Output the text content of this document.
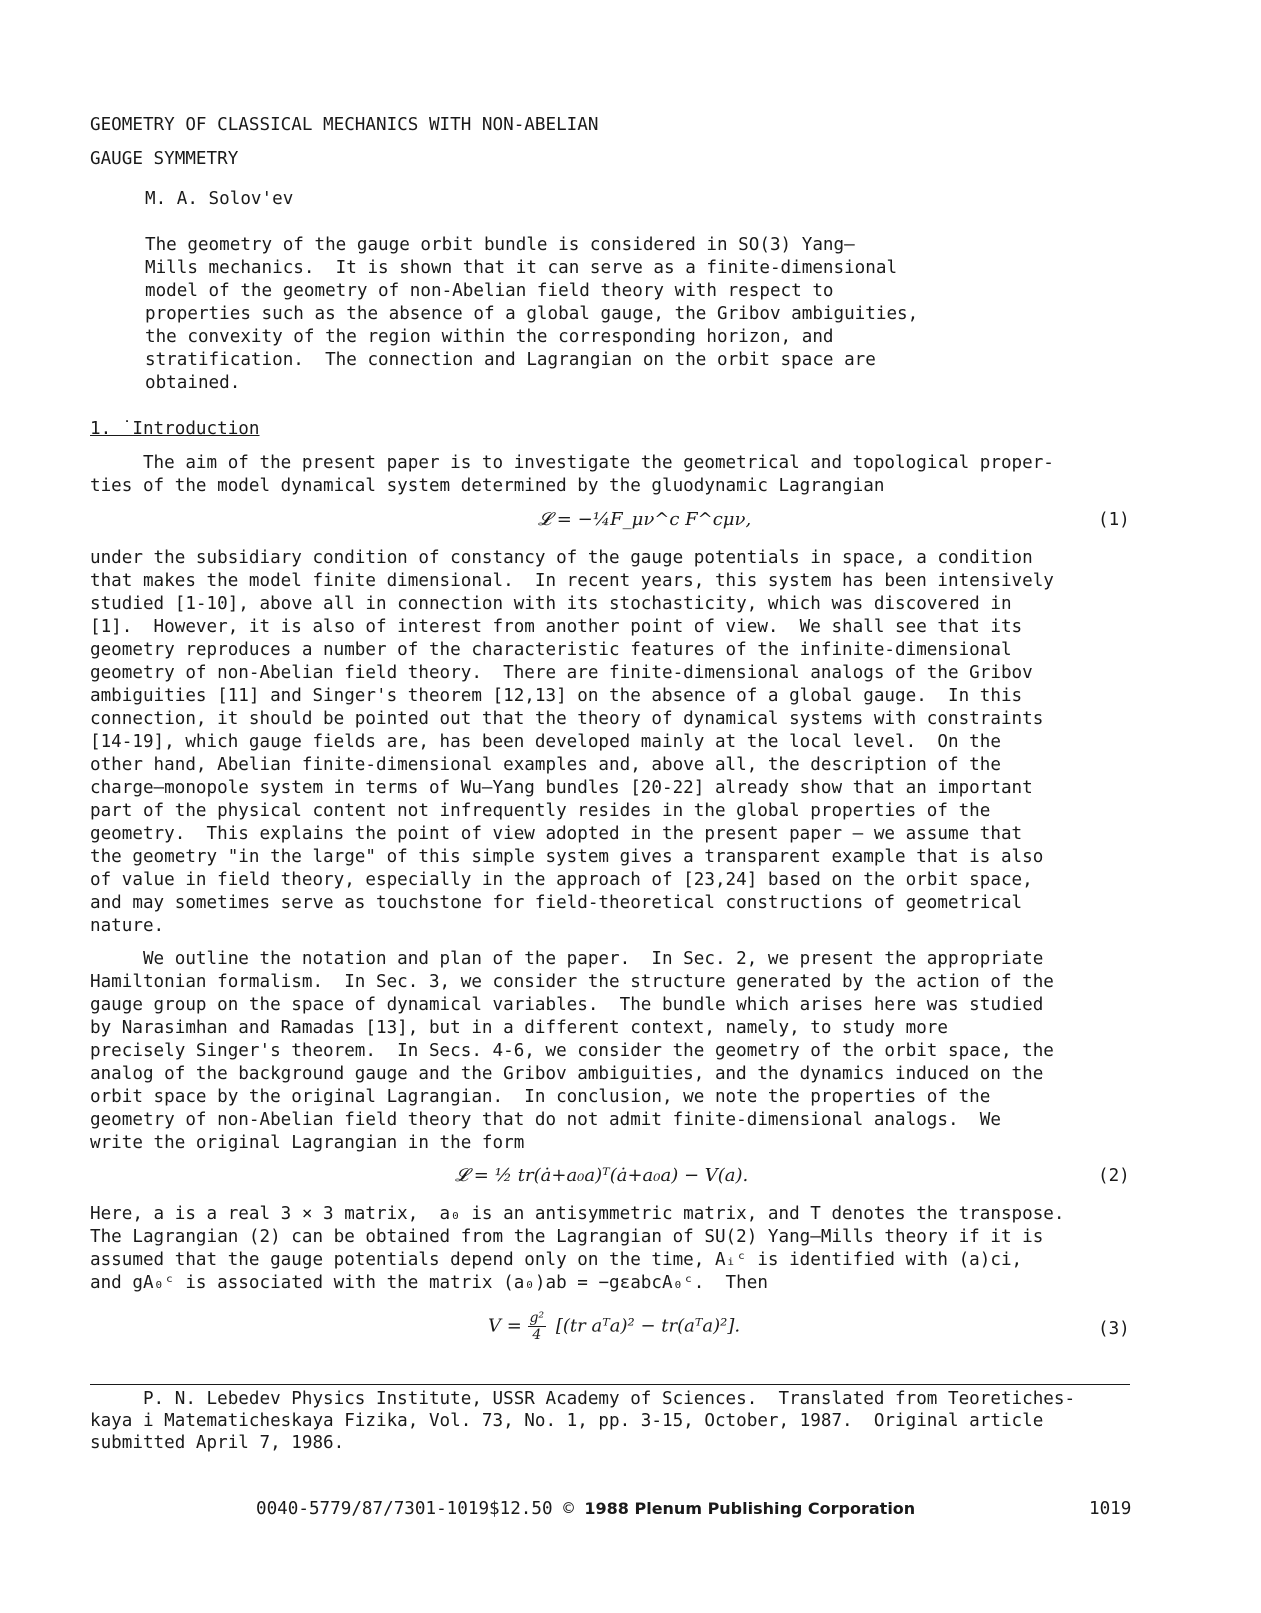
GEOMETRY OF CLASSICAL MECHANICS WITH NON-ABELIAN
GAUGE SYMMETRY
M. A. Solov'ev

The geometry of the gauge orbit bundle is considered in SO(3) Yang–
Mills mechanics.  It is shown that it can serve as a finite-dimensional
model of the geometry of non-Abelian field theory with respect to
properties such as the absence of a global gauge, the Gribov ambiguities,
the convexity of the region within the corresponding horizon, and
stratification.  The connection and Lagrangian on the orbit space are
obtained.

1. ˙Introduction

The aim of the present paper is to investigate the geometrical and topological proper-
ties of the model dynamical system determined by the gluodynamic Lagrangian

𝓛 = −¼F_μν^c F^cμν,	(1)

under the subsidiary condition of constancy of the gauge potentials in space, a condition
that makes the model finite dimensional.  In recent years, this system has been intensively
studied [1-10], above all in connection with its stochasticity, which was discovered in
[1].  However, it is also of interest from another point of view.  We shall see that its
geometry reproduces a number of the characteristic features of the infinite-dimensional
geometry of non-Abelian field theory.  There are finite-dimensional analogs of the Gribov
ambiguities [11] and Singer's theorem [12,13] on the absence of a global gauge.  In this
connection, it should be pointed out that the theory of dynamical systems with constraints
[14-19], which gauge fields are, has been developed mainly at the local level.  On the
other hand, Abelian finite-dimensional examples and, above all, the description of the
charge—monopole system in terms of Wu—Yang bundles [20-22] already show that an important
part of the physical content not infrequently resides in the global properties of the
geometry.  This explains the point of view adopted in the present paper — we assume that
the geometry "in the large" of this simple system gives a transparent example that is also
of value in field theory, especially in the approach of [23,24] based on the orbit space,
and may sometimes serve as touchstone for field-theoretical constructions of geometrical
nature.

We outline the notation and plan of the paper.  In Sec. 2, we present the appropriate
Hamiltonian formalism.  In Sec. 3, we consider the structure generated by the action of the
gauge group on the space of dynamical variables.  The bundle which arises here was studied
by Narasimhan and Ramadas [13], but in a different context, namely, to study more
precisely Singer's theorem.  In Secs. 4-6, we consider the geometry of the orbit space, the
analog of the background gauge and the Gribov ambiguities, and the dynamics induced on the
orbit space by the original Lagrangian.  In conclusion, we note the properties of the
geometry of non-Abelian field theory that do not admit finite-dimensional analogs.  We
write the original Lagrangian in the form

𝓛 = ½ tr(ȧ+a₀a)ᵀ(ȧ+a₀a) − V(a).	(2)

Here, a is a real 3 × 3 matrix,  a₀ is an antisymmetric matrix, and T denotes the transpose.
The Lagrangian (2) can be obtained from the Lagrangian of SU(2) Yang—Mills theory if it is
assumed that the gauge potentials depend only on the time, Aᵢᶜ is identified with (a)ci,
and gA₀ᶜ is associated with the matrix (a₀)ab = −gεabcA₀ᶜ.  Then

$V = \frac{\text{g²}}{4} [(tr$ aᵀa)² − tr(aᵀa)²].	(3)

P. N. Lebedev Physics Institute, USSR Academy of Sciences.  Translated from Teoretiches-
kaya i Matematicheskaya Fizika, Vol. 73, No. 1, pp. 3-15, October, 1987.  Original article
submitted April 7, 1986.

0040-5779/87/7301-1019$12.50 © 1988 Plenum Publishing Corporation	1019
